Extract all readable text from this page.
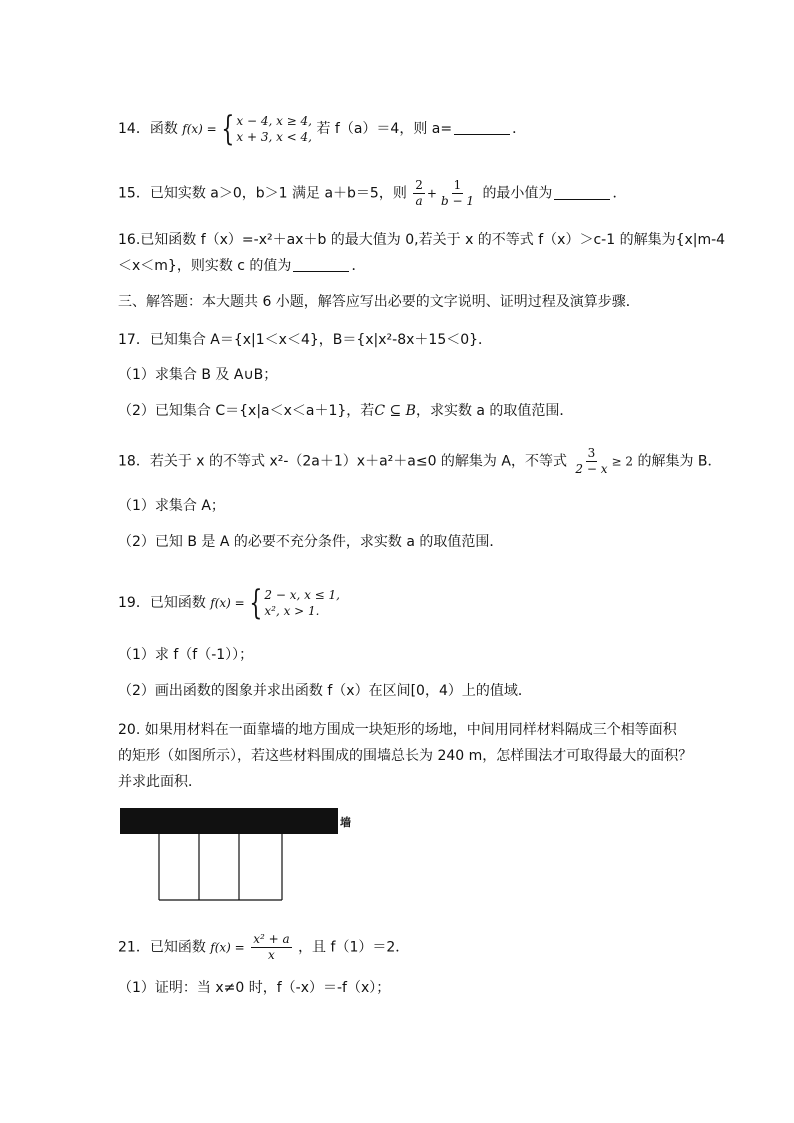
14．函数 f(x) = { x − 4, x ≥ 4,
x + 3, x < 4, 若 f（a）＝4，则 a=	．
15．已知实数 a＞0，b＞1 满足 a＋b＝5，则 $\frac{2}{a} + \frac{1}{b - 1}$ 的最小值为	．
16.已知函数 f（x）=-x²＋ax＋b 的最大值为 0,若关于 x 的不等式 f（x）＞c-1 的解集为{x|m-4
＜x＜m}，则实数 c 的值为	．
三、解答题：本大题共 6 小题，解答应写出必要的文字说明、证明过程及演算步骤．
17．已知集合 A＝{x|1＜x＜4}，B＝{x|x²-8x＋15＜0}．
（1）求集合 B 及 A∪B；
（2）已知集合 C＝{x|a＜x＜a＋1}，若C ⊆ B，求实数 a 的取值范围．
18．若关于 x 的不等式 x²-（2a＋1）x＋a²＋a≤0 的解集为 A，不等式 $\frac{3}{2 - x} \ge 2$ 的解集为 B．
（1）求集合 A；
（2）已知 B 是 A 的必要不充分条件，求实数 a 的取值范围．
19．已知函数 f(x) = { 2 − x, x ≤ 1,
x², x > 1.
（1）求 f（f（-1））；
（2）画出函数的图象并求出函数 f（x）在区间[0，4）上的值域．
20. 如果用材料在一面靠墙的地方围成一块矩形的场地，中间用同样材料隔成三个相等面积
的矩形（如图所示），若这些材料围成的围墙总长为 240 m，怎样围法才可取得最大的面积？
并求此面积．
墙
21．已知函数 $f(x) = \frac{\text{x² + a}}{x}$ ，且 f（1）＝2．
（1）证明：当 x≠0 时，f（-x）＝-f（x）；
